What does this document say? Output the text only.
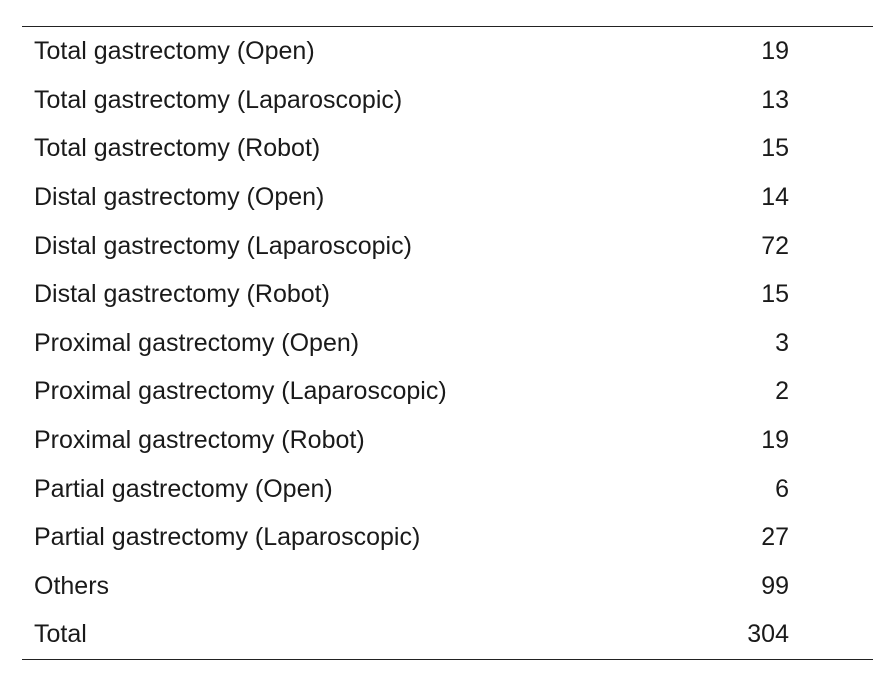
Total gastrectomy (Open)	19
Total gastrectomy (Laparoscopic)	13
Total gastrectomy (Robot)	15
Distal gastrectomy (Open)	14
Distal gastrectomy (Laparoscopic)	72
Distal gastrectomy (Robot)	15
Proximal gastrectomy (Open)	3
Proximal gastrectomy (Laparoscopic)	2
Proximal gastrectomy (Robot)	19
Partial gastrectomy (Open)	6
Partial gastrectomy (Laparoscopic)	27
Others	99
Total	304
